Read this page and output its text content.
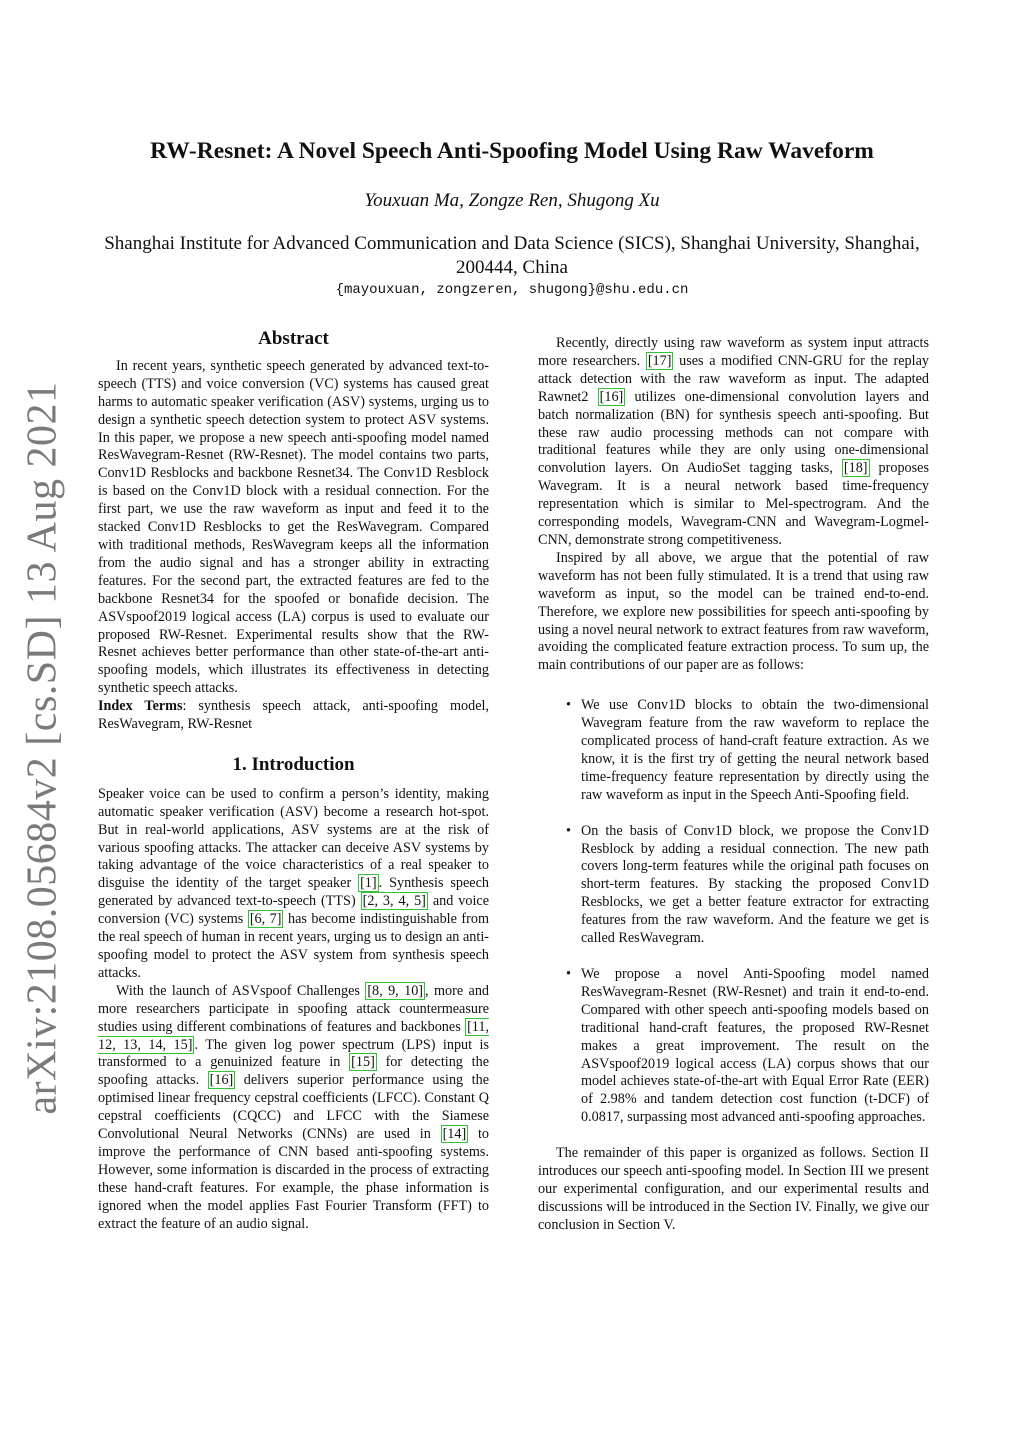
arXiv:2108.05684v2 [cs.SD] 13 Aug 2021
RW-Resnet: A Novel Speech Anti-Spoofing Model Using Raw Waveform
Youxuan Ma, Zongze Ren, Shugong Xu
Shanghai Institute for Advanced Communication and Data Science (SICS), Shanghai University, Shanghai, 200444, China
{mayouxuan, zongzeren, shugong}@shu.edu.cn
Abstract

In recent years, synthetic speech generated by advanced text-to-speech (TTS) and voice conversion (VC) systems has caused great harms to automatic speaker verification (ASV) systems, urging us to design a synthetic speech detection system to protect ASV systems. In this paper, we propose a new speech anti-spoofing model named ResWavegram-Resnet (RW-Resnet). The model contains two parts, Conv1D Resblocks and backbone Resnet34. The Conv1D Resblock is based on the Conv1D block with a residual connection. For the first part, we use the raw waveform as input and feed it to the stacked Conv1D Resblocks to get the ResWavegram. Compared with traditional methods, ResWavegram keeps all the information from the audio signal and has a stronger ability in extracting features. For the second part, the extracted features are fed to the backbone Resnet34 for the spoofed or bonafide decision. The ASVspoof2019 logical access (LA) corpus is used to evaluate our proposed RW-Resnet. Experimental results show that the RW-Resnet achieves better performance than other state-of-the-art anti-spoofing models, which illustrates its effectiveness in detecting synthetic speech attacks.

Index Terms: synthesis speech attack, anti-spoofing model, ResWavegram, RW-Resnet

1. Introduction

Speaker voice can be used to confirm a person’s identity, making automatic speaker verification (ASV) become a research hot-spot. But in real-world applications, ASV systems are at the risk of various spoofing attacks. The attacker can deceive ASV systems by taking advantage of the voice characteristics of a real speaker to disguise the identity of the target speaker [1] . Synthesis speech generated by advanced text-to-speech (TTS) [2, 3, 4, 5] and voice conversion (VC) systems [6, 7] has become indistinguishable from the real speech of human in recent years, urging us to design an anti-spoofing model to protect the ASV system from synthesis speech attacks.

With the launch of ASVspoof Challenges [8, 9, 10] , more and more researchers participate in spoofing attack countermeasure studies using different combinations of features and backbones [11, 12, 13, 14, 15] . The given log power spectrum (LPS) input is transformed to a genuinized feature in [15] for detecting the spoofing attacks. [16] delivers superior performance using the optimised linear frequency cepstral coefficients (LFCC). Constant Q cepstral coefficients (CQCC) and LFCC with the Siamese Convolutional Neural Networks (CNNs) are used in [14] to improve the performance of CNN based anti-spoofing systems. However, some information is discarded in the process of extracting these hand-craft features. For example, the phase information is ignored when the model applies Fast Fourier Transform (FFT) to extract the feature of an audio signal.

Recently, directly using raw waveform as system input attracts more researchers. [17] uses a modified CNN-GRU for the replay attack detection with the raw waveform as input. The adapted Rawnet2 [16] utilizes one-dimensional convolution layers and batch normalization (BN) for synthesis speech anti-spoofing. But these raw audio processing methods can not compare with traditional features while they are only using one-dimensional convolution layers. On AudioSet tagging tasks, [18] proposes Wavegram. It is a neural network based time-frequency representation which is similar to Mel-spectrogram. And the corresponding models, Wavegram-CNN and Wavegram-Logmel-CNN, demonstrate strong competitiveness.

Inspired by all above, we argue that the potential of raw waveform has not been fully stimulated. It is a trend that using raw waveform as input, so the model can be trained end-to-end. Therefore, we explore new possibilities for speech anti-spoofing by using a novel neural network to extract features from raw waveform, avoiding the complicated feature extraction process. To sum up, the main contributions of our paper are as follows:

• We use Conv1D blocks to obtain the two-dimensional Wavegram feature from the raw waveform to replace the complicated process of hand-craft feature extraction. As we know, it is the first try of getting the neural network based time-frequency feature representation by directly using the raw waveform as input in the Speech Anti-Spoofing field.
• On the basis of Conv1D block, we propose the Conv1D Resblock by adding a residual connection. The new path covers long-term features while the original path focuses on short-term features. By stacking the proposed Conv1D Resblocks, we get a better feature extractor for extracting features from the raw waveform. And the feature we get is called ResWavegram.
• We propose a novel Anti-Spoofing model named ResWavegram-Resnet (RW-Resnet) and train it end-to-end. Compared with other speech anti-spoofing models based on traditional hand-craft features, the proposed RW-Resnet makes a great improvement. The result on the ASVspoof2019 logical access (LA) corpus shows that our model achieves state-of-the-art with Equal Error Rate (EER) of 2.98% and tandem detection cost function (t-DCF) of 0.0817, surpassing most advanced anti-spoofing approaches.

The remainder of this paper is organized as follows. Section II introduces our speech anti-spoofing model. In Section III we present our experimental configuration, and our experimental results and discussions will be introduced in the Section IV. Finally, we give our conclusion in Section V.
